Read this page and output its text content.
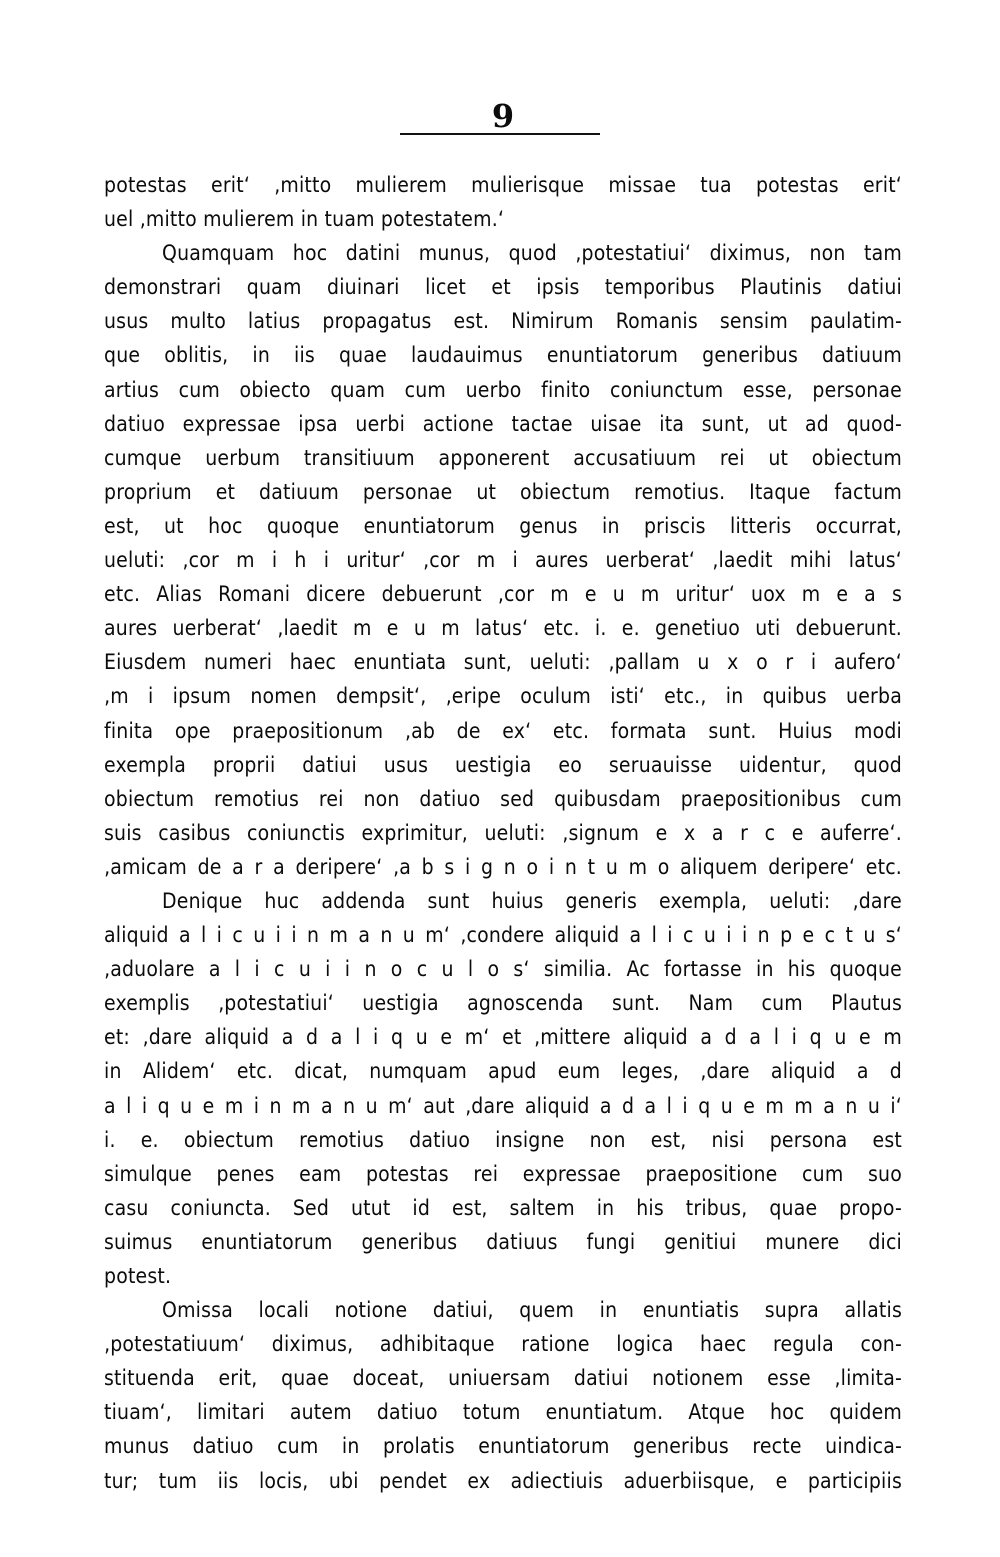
9
potestas erit‘ ‚mitto mulierem mulierisque missae tua potestas erit‘
uel ‚mitto mulierem in tuam potestatem.‘
Quamquam hoc datini munus, quod ‚potestatiui‘ diximus, non tam
demonstrari quam diuinari licet et ipsis temporibus Plautinis datiui
usus multo latius propagatus est. Nimirum Romanis sensim paulatim-
que oblitis, in iis quae laudauimus enuntiatorum generibus datiuum
artius cum obiecto quam cum uerbo finito coniunctum esse, personae
datiuo expressae ipsa uerbi actione tactae uisae ita sunt, ut ad quod-
cumque uerbum transitiuum apponerent accusatiuum rei ut obiectum
proprium et datiuum personae ut obiectum remotius. Itaque factum
est, ut hoc quoque enuntiatorum genus in priscis litteris occurrat,
ueluti: ‚cor m i h i uritur‘ ‚cor m i aures uerberat‘ ‚laedit mihi latus‘
etc. Alias Romani dicere debuerunt ‚cor m e u m uritur‘ uox m e a s
aures uerberat‘ ‚laedit m e u m latus‘ etc. i. e. genetiuo uti debuerunt.
Eiusdem numeri haec enuntiata sunt, ueluti: ‚pallam u x o r i aufero‘
‚m i ipsum nomen dempsit‘, ‚eripe oculum isti‘ etc., in quibus uerba
finita ope praepositionum ‚ab de ex‘ etc. formata sunt. Huius modi
exempla proprii datiui usus uestigia eo seruauisse uidentur, quod
obiectum remotius rei non datiuo sed quibusdam praepositionibus cum
suis casibus coniunctis exprimitur, ueluti: ‚signum e x a r c e auferre‘.
‚amicam de a r a deripere‘ ‚a b s i g n o i n t u m o aliquem deripere‘ etc.
Denique huc addenda sunt huius generis exempla, ueluti: ‚dare
aliquid a l i c u i i n m a n u m‘ ‚condere aliquid a l i c u i i n p e c t u s‘
‚aduolare a l i c u i i n o c u l o s‘ similia. Ac fortasse in his quoque
exemplis ‚potestatiui‘ uestigia agnoscenda sunt. Nam cum Plautus
et: ‚dare aliquid a d a l i q u e m‘ et ‚mittere aliquid a d a l i q u e m
in Alidem‘ etc. dicat, numquam apud eum leges, ‚dare aliquid a d
a l i q u e m i n m a n u m‘ aut ‚dare aliquid a d a l i q u e m m a n u i‘
i. e. obiectum remotius datiuo insigne non est, nisi persona est
simulque penes eam potestas rei expressae praepositione cum suo
casu coniuncta. Sed utut id est, saltem in his tribus, quae propo-
suimus enuntiatorum generibus datiuus fungi genitiui munere dici
potest.
Omissa locali notione datiui, quem in enuntiatis supra allatis
‚potestatiuum‘ diximus, adhibitaque ratione logica haec regula con-
stituenda erit, quae doceat, uniuersam datiui notionem esse ‚limita-
tiuam‘, limitari autem datiuo totum enuntiatum. Atque hoc quidem
munus datiuo cum in prolatis enuntiatorum generibus recte uindica-
tur; tum iis locis, ubi pendet ex adiectiuis aduerbiisque, e participiis
